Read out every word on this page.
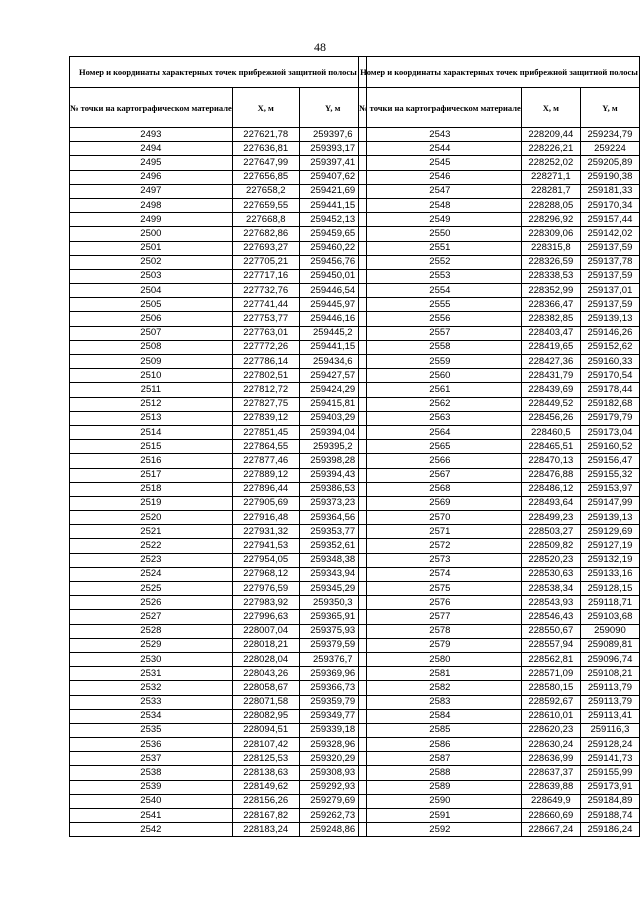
48
Номер и координаты характерных точек прибрежной защитной полосы		
№ точки на картографическом материале	X, м	Y, м
2493	227621,78	259397,6
2494	227636,81	259393,17
2495	227647,99	259397,41
2496	227656,85	259407,62
2497	227658,2	259421,69
2498	227659,55	259441,15
2499	227668,8	259452,13
2500	227682,86	259459,65
2501	227693,27	259460,22
2502	227705,21	259456,76
2503	227717,16	259450,01
2504	227732,76	259446,54
2505	227741,44	259445,97
2506	227753,77	259446,16
2507	227763,01	259445,2
2508	227772,26	259441,15
2509	227786,14	259434,6
2510	227802,51	259427,57
2511	227812,72	259424,29
2512	227827,75	259415,81
2513	227839,12	259403,29
2514	227851,45	259394,04
2515	227864,55	259395,2
2516	227877,46	259398,28
2517	227889,12	259394,43
2518	227896,44	259386,53
2519	227905,69	259373,23
2520	227916,48	259364,56
2521	227931,32	259353,77
2522	227941,53	259352,61
2523	227954,05	259348,38
2524	227968,12	259343,94
2525	227976,59	259345,29
2526	227983,92	259350,3
2527	227996,63	259365,91
2528	228007,04	259375,93
2529	228018,21	259379,59
2530	228028,04	259376,7
2531	228043,26	259369,96
2532	228058,67	259366,73
2533	228071,58	259359,79
2534	228082,95	259349,77
2535	228094,51	259339,18
2536	228107,42	259328,96
2537	228125,53	259320,29
2538	228138,63	259308,93
2539	228149,62	259292,93
2540	228156,26	259279,69
2541	228167,82	259262,73
2542	228183,24	259248,86
Номер и координаты характерных точек прибрежной защитной полосы		
№ точки на картографическом материале	X, м	Y, м
2543	228209,44	259234,79
2544	228226,21	259224
2545	228252,02	259205,89
2546	228271,1	259190,38
2547	228281,7	259181,33
2548	228288,05	259170,34
2549	228296,92	259157,44
2550	228309,06	259142,02
2551	228315,8	259137,59
2552	228326,59	259137,78
2553	228338,53	259137,59
2554	228352,99	259137,01
2555	228366,47	259137,59
2556	228382,85	259139,13
2557	228403,47	259146,26
2558	228419,65	259152,62
2559	228427,36	259160,33
2560	228431,79	259170,54
2561	228439,69	259178,44
2562	228449,52	259182,68
2563	228456,26	259179,79
2564	228460,5	259173,04
2565	228465,51	259160,52
2566	228470,13	259156,47
2567	228476,88	259155,32
2568	228486,12	259153,97
2569	228493,64	259147,99
2570	228499,23	259139,13
2571	228503,27	259129,69
2572	228509,82	259127,19
2573	228520,23	259132,19
2574	228530,63	259133,16
2575	228538,34	259128,15
2576	228543,93	259118,71
2577	228546,43	259103,68
2578	228550,67	259090
2579	228557,94	259089,81
2580	228562,81	259096,74
2581	228571,09	259108,21
2582	228580,15	259113,79
2583	228592,67	259113,79
2584	228610,01	259113,41
2585	228620,23	259116,3
2586	228630,24	259128,24
2587	228636,99	259141,73
2588	228637,37	259155,99
2589	228639,88	259173,91
2590	228649,9	259184,89
2591	228660,69	259188,74
2592	228667,24	259186,24
